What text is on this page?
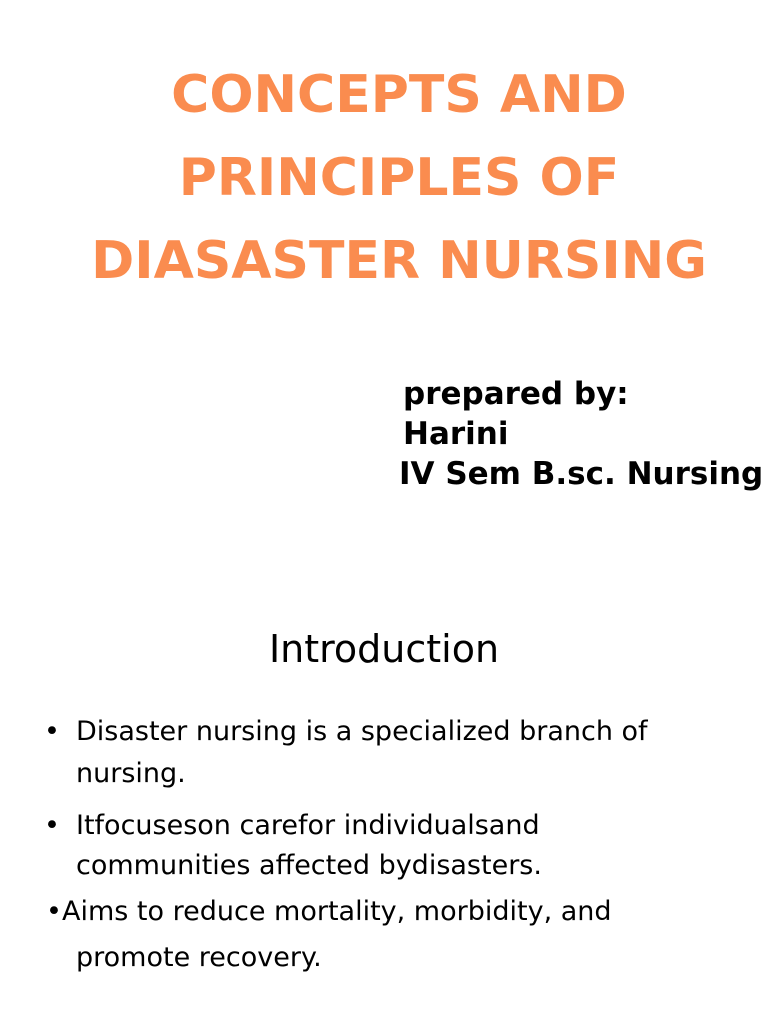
CONCEPTS AND
PRINCIPLES OF
DIASASTER NURSING
prepared by:
Harini
IV Sem B.sc. Nursing
Introduction
• Disaster nursing is a specialized branch of
nursing.
• Itfocuseson carefor individualsand
communities affected bydisasters.
• Aims to reduce mortality, morbidity, and
promote recovery.
